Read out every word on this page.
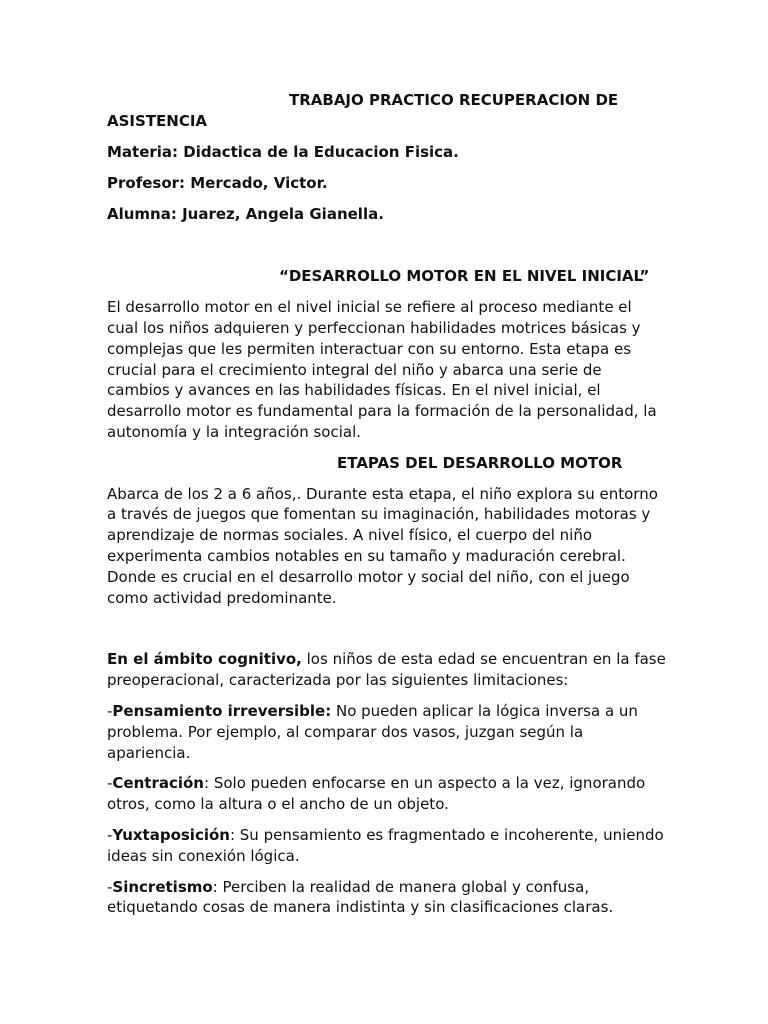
TRABAJO PRACTICO RECUPERACION DE
ASISTENCIA
Materia: Didactica de la Educacion Fisica.
Profesor: Mercado, Victor.
Alumna: Juarez, Angela Gianella.
“DESARROLLO MOTOR EN EL NIVEL INICIAL”

El desarrollo motor en el nivel inicial se refiere al proceso mediante el cual los niños adquieren y perfeccionan habilidades motrices básicas y complejas que les permiten interactuar con su entorno. Esta etapa es crucial para el crecimiento integral del niño y abarca una serie de cambios y avances en las habilidades físicas. En el nivel inicial, el desarrollo motor es fundamental para la formación de la personalidad, la autonomía y la integración social.

ETAPAS DEL DESARROLLO MOTOR

Abarca de los 2 a 6 años,. Durante esta etapa, el niño explora su entorno a través de juegos que fomentan su imaginación, habilidades motoras y aprendizaje de normas sociales. A nivel físico, el cuerpo del niño experimenta cambios notables en su tamaño y maduración cerebral. Donde es crucial en el desarrollo motor y social del niño, con el juego como actividad predominante.

En el ámbito cognitivo, los niños de esta edad se encuentran en la fase preoperacional, caracterizada por las siguientes limitaciones:

-Pensamiento irreversible: No pueden aplicar la lógica inversa a un problema. Por ejemplo, al comparar dos vasos, juzgan según la apariencia.

-Centración: Solo pueden enfocarse en un aspecto a la vez, ignorando otros, como la altura o el ancho de un objeto.

-Yuxtaposición: Su pensamiento es fragmentado e incoherente, uniendo ideas sin conexión lógica.

-Sincretismo: Perciben la realidad de manera global y confusa, etiquetando cosas de manera indistinta y sin clasificaciones claras.
